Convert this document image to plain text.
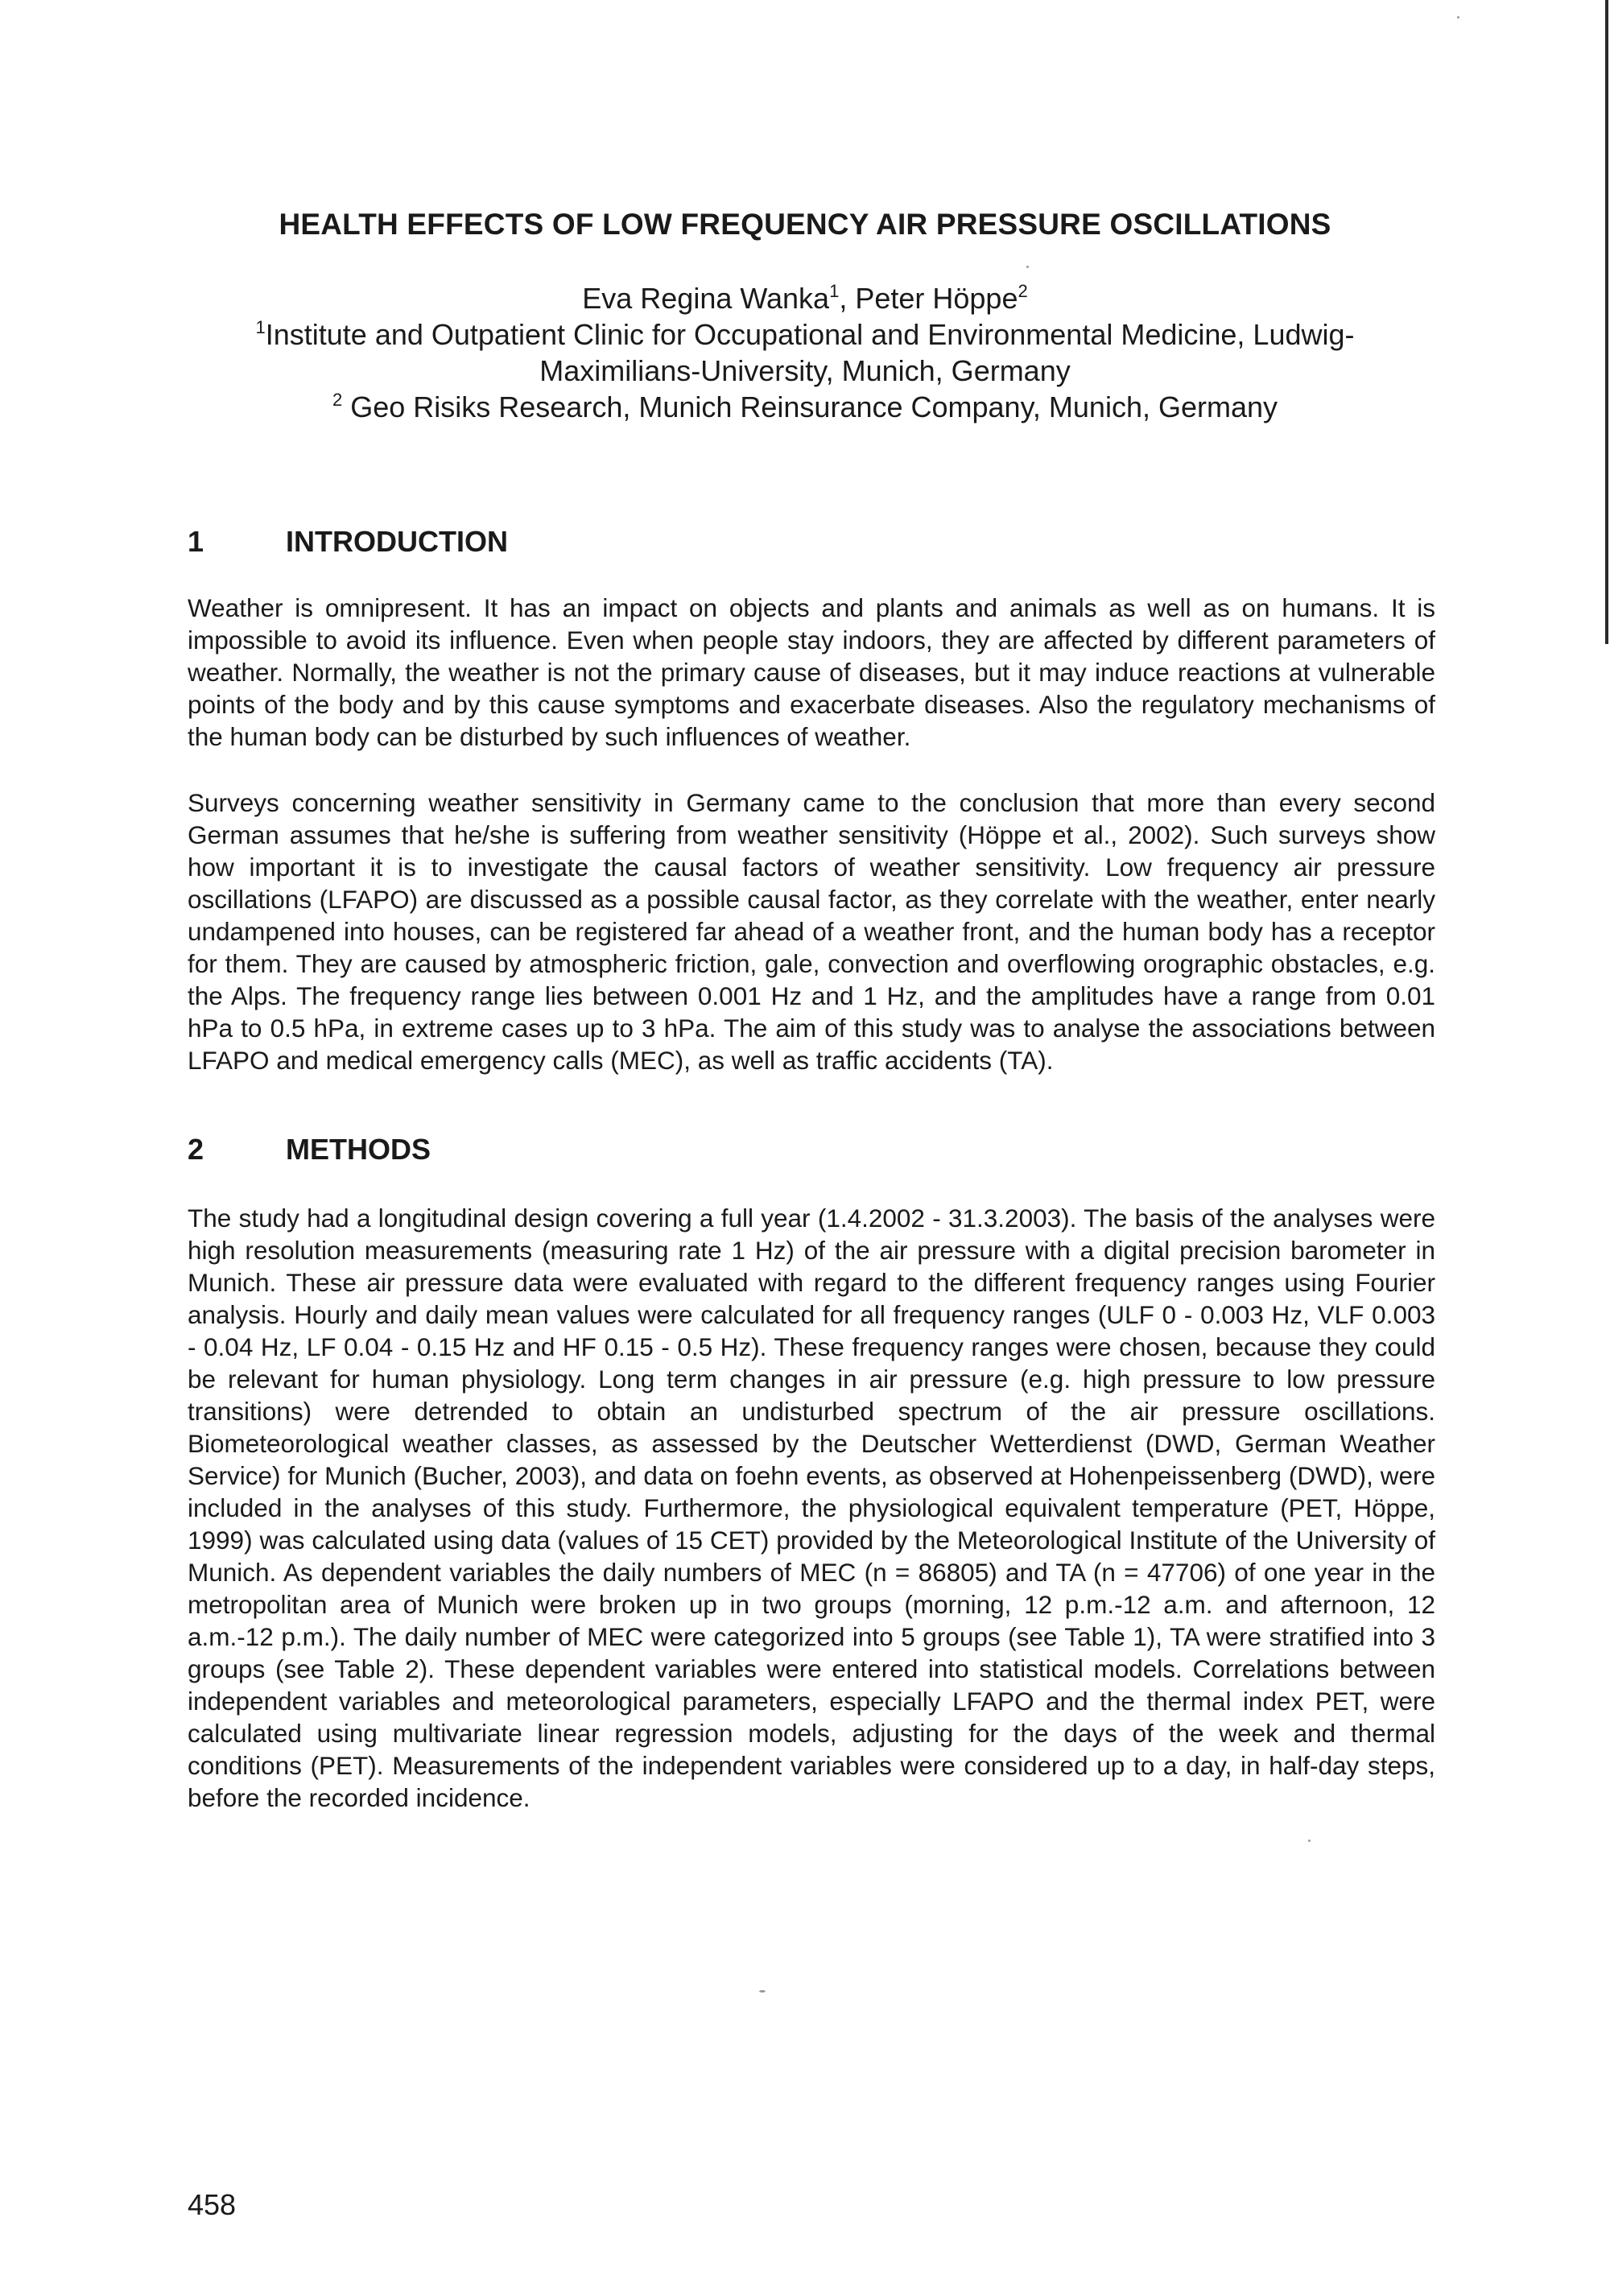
HEALTH EFFECTS OF LOW FREQUENCY AIR PRESSURE OSCILLATIONS
Eva Regina Wanka$^1$, Peter Höppe$^2$
$^1$Institute and Outpatient Clinic for Occupational and Environmental Medicine, Ludwig-
Maximilians-University, Munich, Germany
$^2$ Geo Risiks Research, Munich Reinsurance Company, Munich, Germany
1	INTRODUCTION

Weather is omnipresent. It has an impact on objects and plants and animals as well as on humans. It is impossible to avoid its influence. Even when people stay indoors, they are affected by different parameters of weather. Normally, the weather is not the primary cause of diseases, but it may induce reactions at vulnerable points of the body and by this cause symptoms and exacerbate diseases. Also the regulatory mechanisms of the human body can be disturbed by such influences of weather.

Surveys concerning weather sensitivity in Germany came to the conclusion that more than every second German assumes that he/she is suffering from weather sensitivity (Höppe et al., 2002). Such surveys show how important it is to investigate the causal factors of weather sensitivity. Low frequency air pressure oscillations (LFAPO) are discussed as a possible causal factor, as they correlate with the weather, enter nearly undampened into houses, can be registered far ahead of a weather front, and the human body has a receptor for them. They are caused by atmospheric friction, gale, convection and overflowing orographic obstacles, e.g. the Alps. The frequency range lies between 0.001 Hz and 1 Hz, and the amplitudes have a range from 0.01 hPa to 0.5 hPa, in extreme cases up to 3 hPa. The aim of this study was to analyse the associations between LFAPO and medical emergency calls (MEC), as well as traffic accidents (TA).

2	METHODS

The study had a longitudinal design covering a full year (1.4.2002 - 31.3.2003). The basis of the analyses were high resolution measurements (measuring rate 1 Hz) of the air pressure with a digital precision barometer in Munich. These air pressure data were evaluated with regard to the different frequency ranges using Fourier analysis. Hourly and daily mean values were calculated for all frequency ranges (ULF 0 - 0.003 Hz, VLF 0.003 - 0.04 Hz, LF 0.04 - 0.15 Hz and HF 0.15 - 0.5 Hz). These frequency ranges were chosen, because they could be relevant for human physiology. Long term changes in air pressure (e.g. high pressure to low pressure transitions) were detrended to obtain an undisturbed spectrum of the air pressure oscillations. Biometeorological weather classes, as assessed by the Deutscher Wetterdienst (DWD, German Weather Service) for Munich (Bucher, 2003), and data on foehn events, as observed at Hohenpeissenberg (DWD), were included in the analyses of this study. Furthermore, the physiological equivalent temperature (PET, Höppe, 1999) was calculated using data (values of 15 CET) provided by the Meteorological Institute of the University of Munich. As dependent variables the daily numbers of MEC (n = 86805) and TA (n = 47706) of one year in the metropolitan area of Munich were broken up in two groups (morning, 12 p.m.-12 a.m. and afternoon, 12 a.m.-12 p.m.). The daily number of MEC were categorized into 5 groups (see Table 1), TA were stratified into 3 groups (see Table 2). These dependent variables were entered into statistical models. Correlations between independent variables and meteorological parameters, especially LFAPO and the thermal index PET, were calculated using multivariate linear regression models, adjusting for the days of the week and thermal conditions (PET). Measurements of the independent variables were considered up to a day, in half-day steps, before the recorded incidence.

458
